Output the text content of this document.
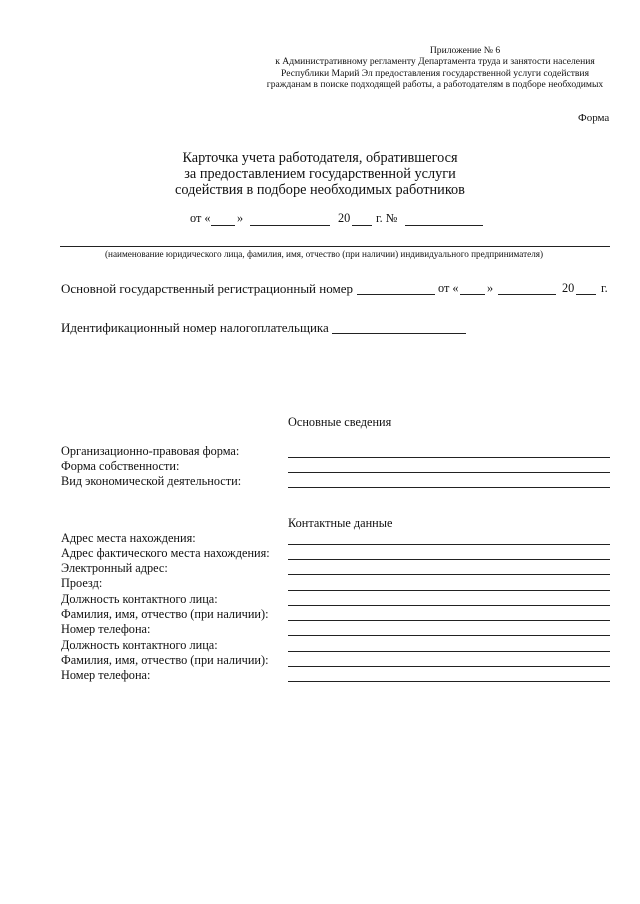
Приложение № 6
к Административному регламенту Департамента труда и занятости населения
Республики Марий Эл предоставления государственной услуги содействия
гражданам в поиске подходящей работы, а работодателям в подборе необходимых
Форма
Карточка учета работодателя, обратившегося
за предоставлением государственной услуги
содействия в подборе необходимых работников
от « »	20 г. №
(наименование юридического лица, фамилия, имя, отчество (при наличии) индивидуального предпринимателя)
Основной государственный регистрационный номер	от « »	20 г.
Идентификационный номер налогоплательщика
Основные сведения
Организационно-правовая форма:
Форма собственности:
Вид экономической деятельности:
Контактные данные
Адрес места нахождения:
Адрес фактического места нахождения:
Электронный адрес:
Проезд:
Должность контактного лица:
Фамилия, имя, отчество (при наличии):
Номер телефона:
Должность контактного лица:
Фамилия, имя, отчество (при наличии):
Номер телефона:
